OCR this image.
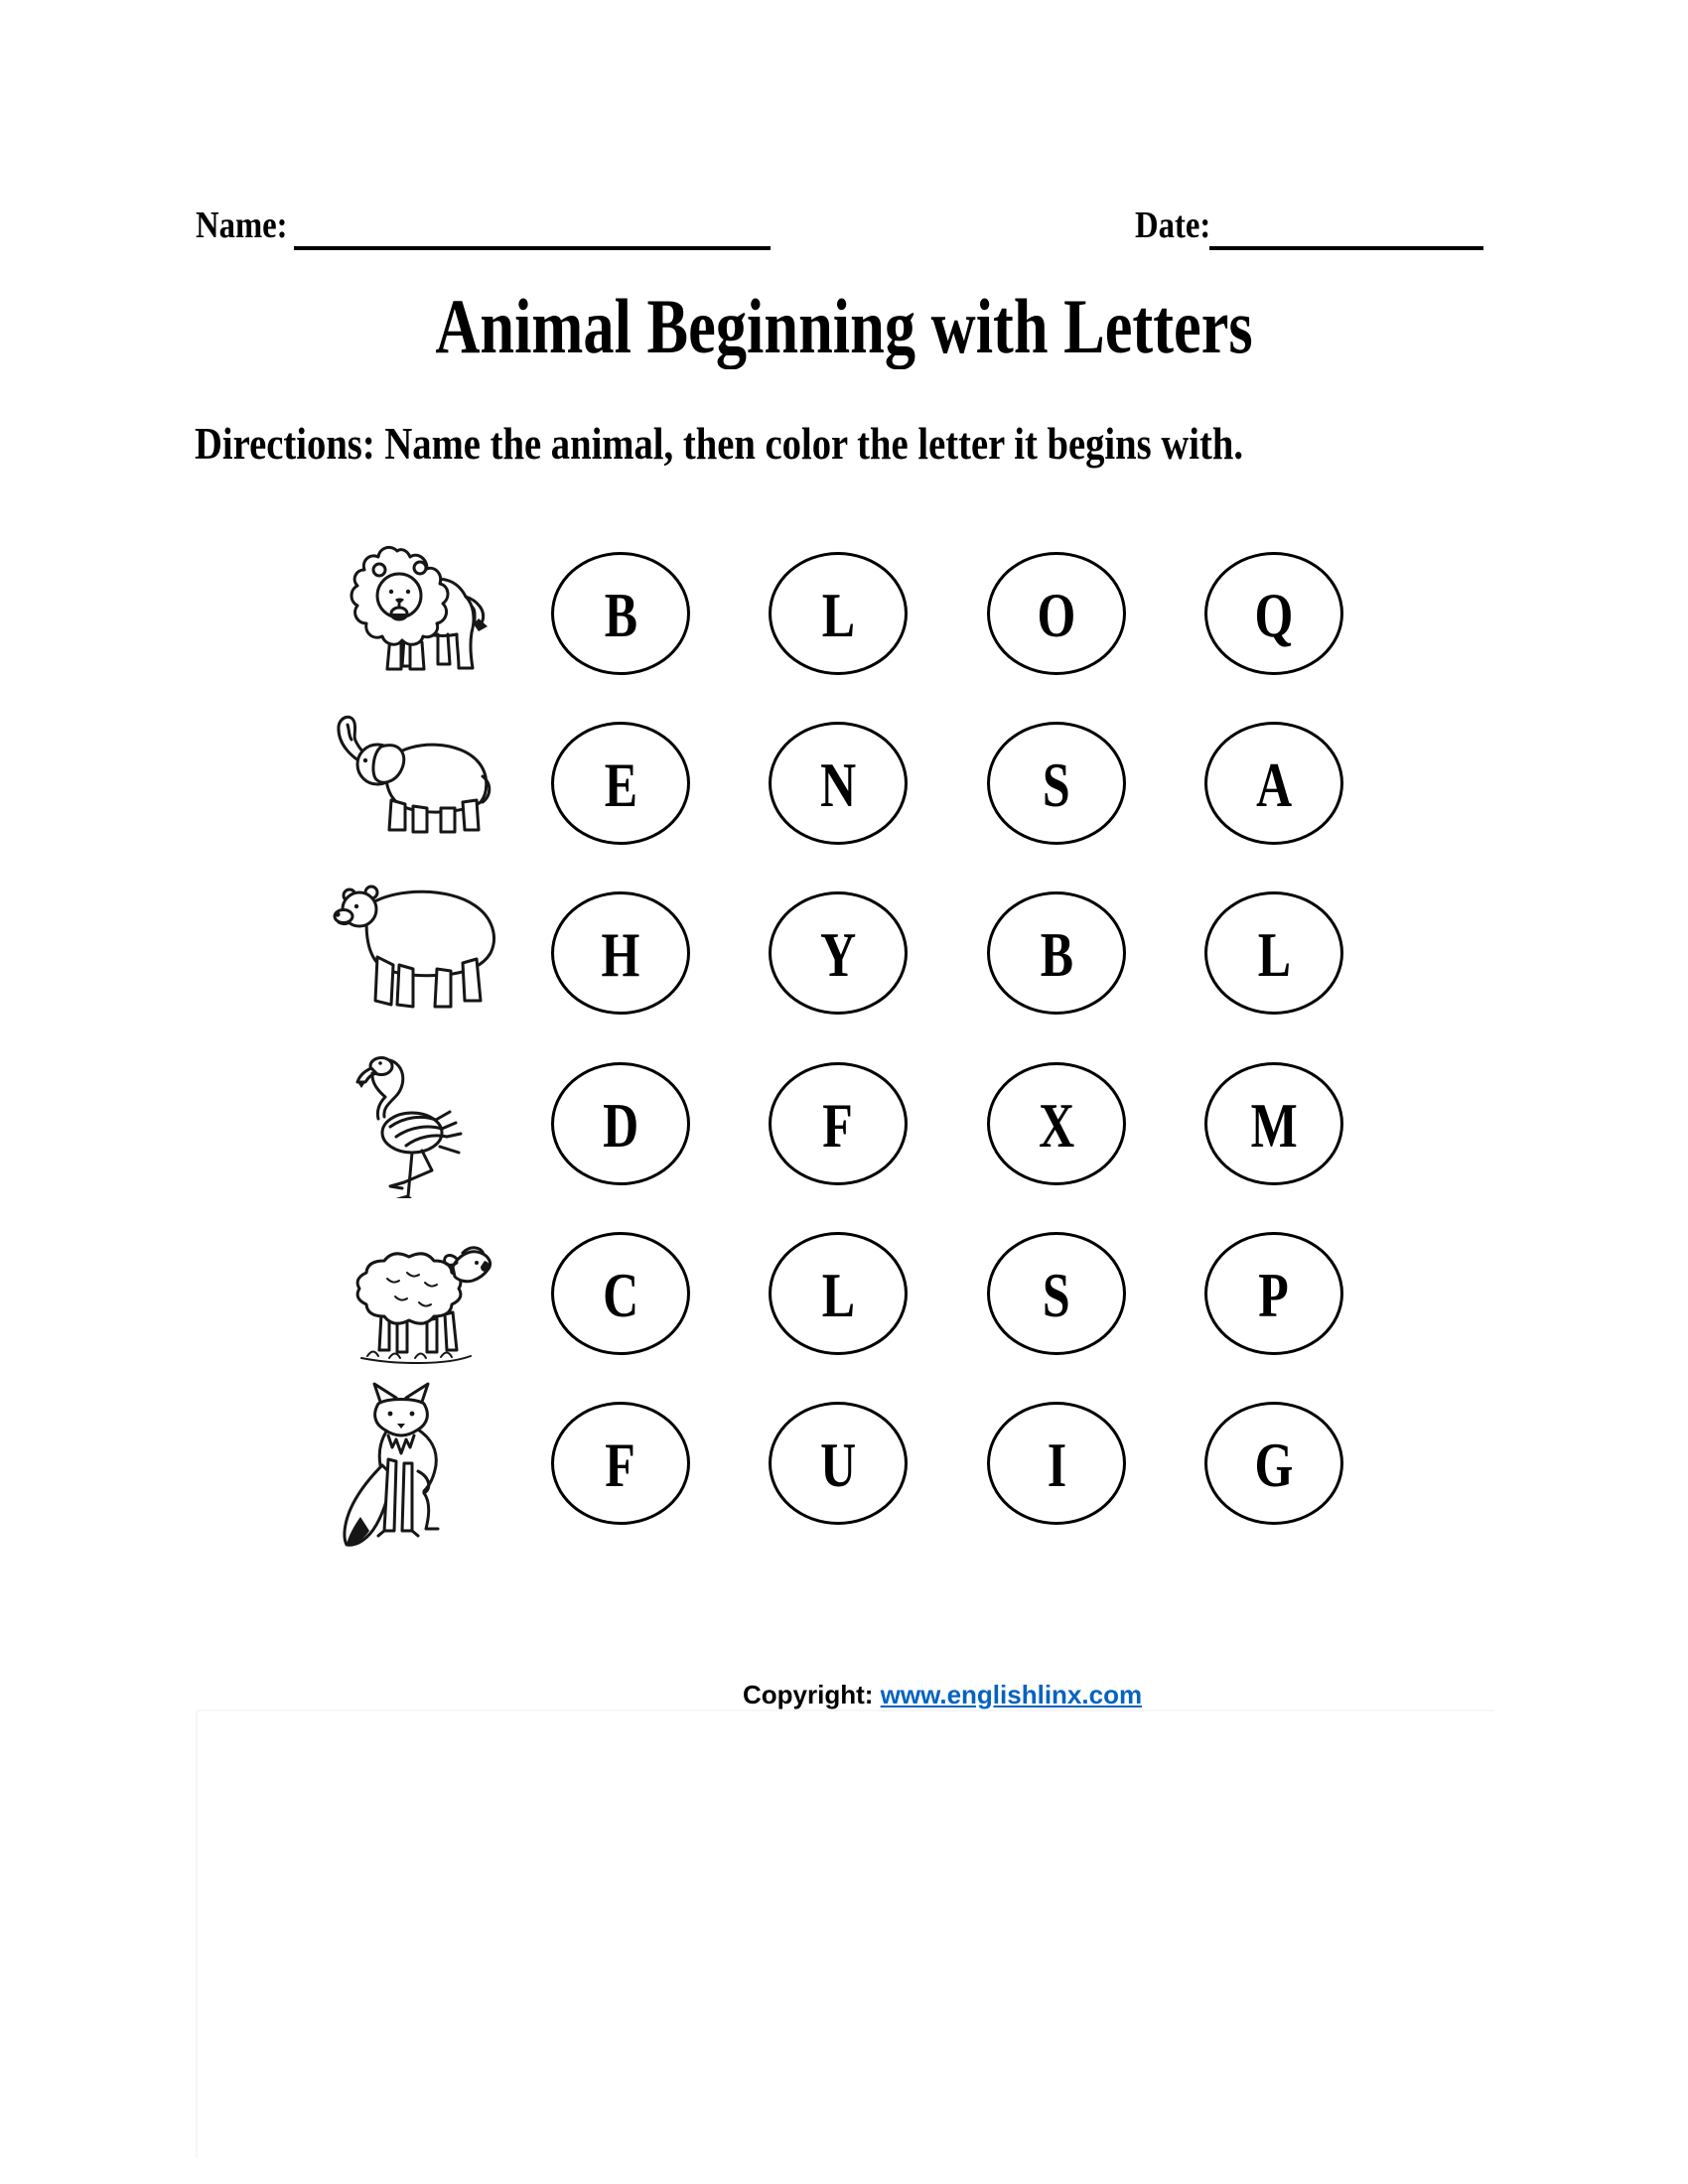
Name:	Date:
Animal Beginning with Letters
Directions: Name the animal, then color the letter it begins with.
B	L	O	Q
E	N	S	A
H	Y	B	L
D	F	X	M
C	L	S	P
F	U	I	G
Copyright: www.englishlinx.com
